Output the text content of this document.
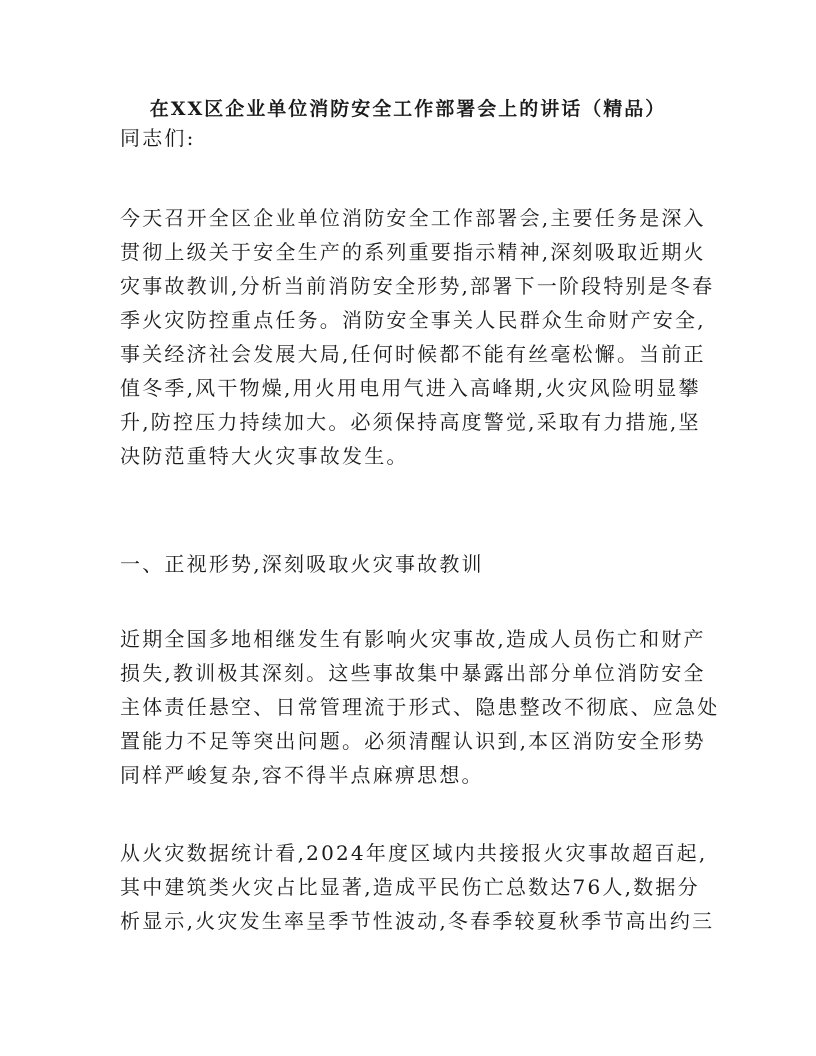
在XX区企业单位消防安全工作部署会上的讲话（精品）

同志们:

今天召开全区企业单位消防安全工作部署会,主要任务是深入
贯彻上级关于安全生产的系列重要指示精神,深刻吸取近期火
灾事故教训,分析当前消防安全形势,部署下一阶段特别是冬春
季火灾防控重点任务。消防安全事关人民群众生命财产安全,
事关经济社会发展大局,任何时候都不能有丝毫松懈。当前正
值冬季,风干物燥,用火用电用气进入高峰期,火灾风险明显攀
升,防控压力持续加大。必须保持高度警觉,采取有力措施,坚
决防范重特大火灾事故发生。

一、正视形势,深刻吸取火灾事故教训

近期全国多地相继发生有影响火灾事故,造成人员伤亡和财产
损失,教训极其深刻。这些事故集中暴露出部分单位消防安全
主体责任悬空、日常管理流于形式、隐患整改不彻底、应急处
置能力不足等突出问题。必须清醒认识到,本区消防安全形势
同样严峻复杂,容不得半点麻痹思想。

从火灾数据统计看,2024年度区域内共接报火灾事故超百起,
其中建筑类火灾占比显著,造成平民伤亡总数达76人,数据分
析显示,火灾发生率呈季节性波动,冬春季较夏秋季节高出约三
